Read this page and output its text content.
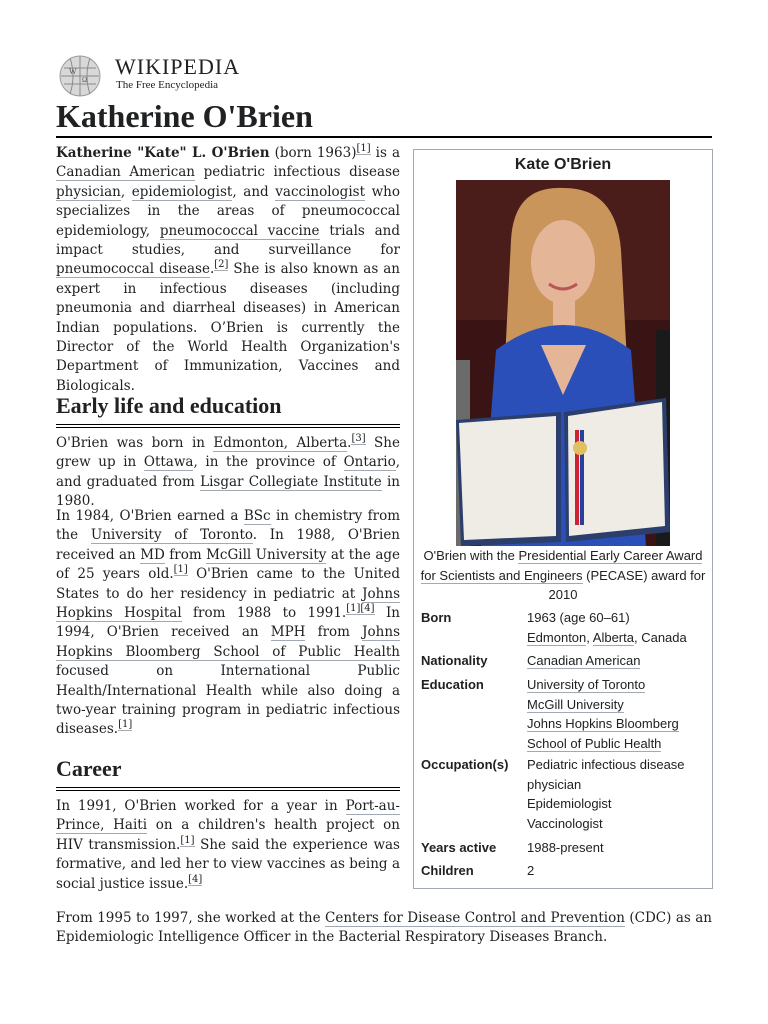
W
Ω
WIKIPEDIA
The Free Encyclopedia
Katherine O'Brien

Katherine "Kate" L. O'Brien (born 1963)[1] is a Canadian American pediatric infectious disease physician, epidemiologist, and vaccinologist who specializes in the areas of pneumococcal epidemiology, pneumococcal vaccine trials and impact studies, and surveillance for pneumococcal disease.[2] She is also known as an expert in infectious diseases (including pneumonia and diarrheal diseases) in American Indian populations. O’Brien is currently the Director of the World Health Organization's Department of Immunization, Vaccines and Biologicals.

Early life and education

O'Brien was born in Edmonton, Alberta.[3] She grew up in Ottawa, in the province of Ontario, and graduated from Lisgar Collegiate Institute in 1980.

In 1984, O'Brien earned a BSc in chemistry from the University of Toronto. In 1988, O'Brien received an MD from McGill University at the age of 25 years old.[1] O'Brien came to the United States to do her residency in pediatric at Johns Hopkins Hospital from 1988 to 1991.[1][4] In 1994, O'Brien received an MPH from Johns Hopkins Bloomberg School of Public Health focused on International Public Health/International Health while also doing a two-year training program in pediatric infectious diseases.[1]

Career

In 1991, O'Brien worked for a year in Port-au-Prince, Haiti on a children's health project on HIV transmission.[1] She said the experience was formative, and led her to view vaccines as being a social justice issue.[4]

From 1995 to 1997, she worked at the Centers for Disease Control and Prevention (CDC) as an Epidemiologic Intelligence Officer in the Bacterial Respiratory Diseases Branch.

Kate O'Brien
O'Brien with the Presidential Early Career Award for Scientists and Engineers (PECASE) award for 2010
Born	1963 (age 60–61)
Edmonton, Alberta, Canada
Nationality	Canadian American
Education	University of Toronto
McGill University
Johns Hopkins Bloomberg
School of Public Health
Occupation(s)	Pediatric infectious disease
physician
Epidemiologist
Vaccinologist
Years active	1988-present
Children	2
